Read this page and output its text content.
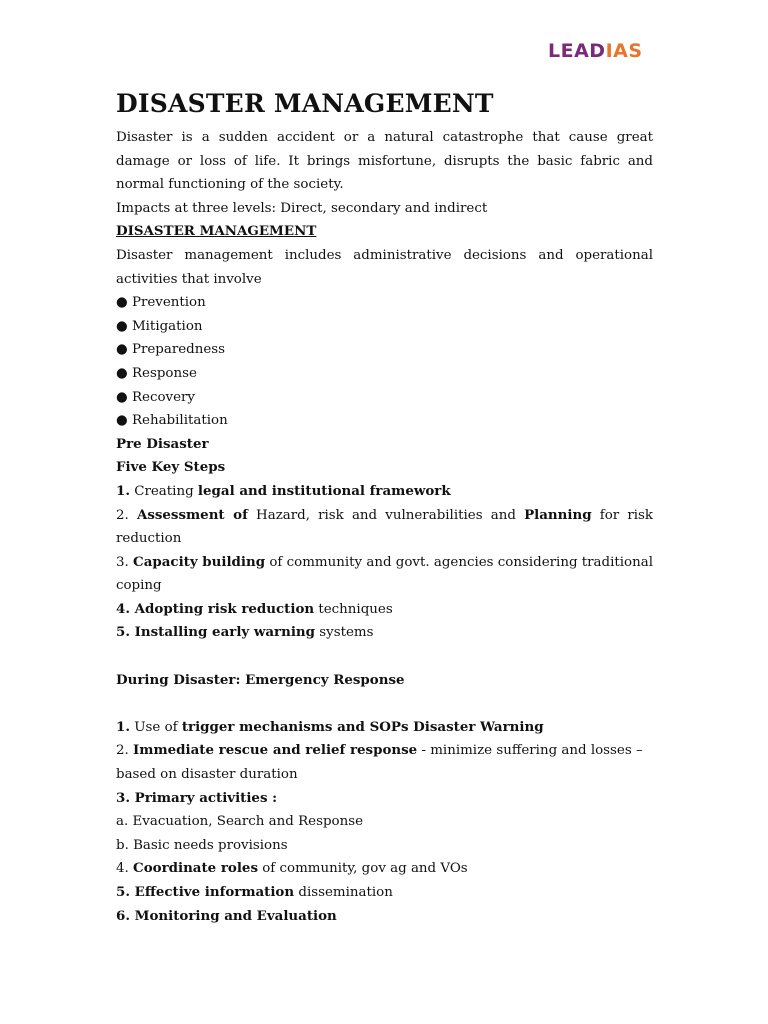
LEADIAS
DISASTER MANAGEMENT

Disaster is a sudden accident or a natural catastrophe that cause great damage or loss of life. It brings misfortune, disrupts the basic fabric and normal functioning of the society.

Impacts at three levels: Direct, secondary and indirect

DISASTER MANAGEMENT

Disaster management includes administrative decisions and operational activities that involve

● Prevention

● Mitigation

● Preparedness

● Response

● Recovery

● Rehabilitation

Pre Disaster

Five Key Steps

1. Creating legal and institutional framework

2. Assessment of Hazard, risk and vulnerabilities and Planning for risk reduction

3. Capacity building of community and govt. agencies considering traditional coping

4. Adopting risk reduction techniques

5. Installing early warning systems

During Disaster: Emergency Response

1. Use of trigger mechanisms and SOPs Disaster Warning

2. Immediate rescue and relief response - minimize suffering and losses – based on disaster duration

3. Primary activities :

a. Evacuation, Search and Response

b. Basic needs provisions

4. Coordinate roles of community, gov ag and VOs

5. Effective information dissemination

6. Monitoring and Evaluation
